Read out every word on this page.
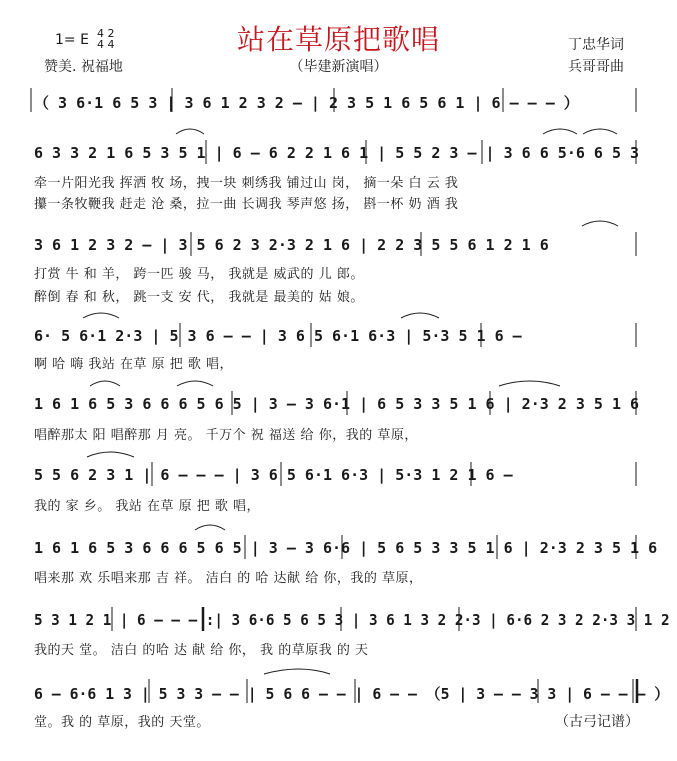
站在草原把歌唱
1= E 4 2
4 4
赞美. 祝福地	（毕建新演唱）
丁忠华词
兵哥哥曲
（ 3 6·1 6 5 3 | 3 6 1 2 3 2 – | 2 3 5 1 6 5 6 1 | 6 – – – ）
6 3 3 2 1 6 5 3 5 1 | 6 – 6 2 2 1 6 1 | 5 5 2 3 – | 3 6 6 5·6 6 5 3
牵一片阳光我 挥洒 牧 场，拽一块 刺绣我 铺过山 岗， 摘一朵 白 云 我
攥一条牧鞭我 赶走 沧 桑，拉一曲 长调我 琴声悠 扬， 斟一杯 奶 酒 我
3 6 1 2 3 2 – | 3 5 6 2 3 2·3 2 1 6 | 2 2 3 5 5 6 1 2 1 6
打赏 牛 和 羊， 跨一匹 骏 马， 我就是 威武的 儿 郎。
醉倒 春 和 秋， 跳一支 安 代， 我就是 最美的 姑 娘。
6· 5 6·1 2·3 | 5 3 6 – – | 3 6 5 6·1 6·3 | 5·3 5 1 6 –
啊 哈 嗨 我站 在草 原 把 歌 唱，
1 6 1 6 5 3 6 6 6 5 6 5 | 3 – 3 6·1 | 6 5 3 3 5 1 6 | 2·3 2 3 5 1 6
唱醉那太 阳 唱醉那 月 亮。 千万个 祝 福送 给 你，我的 草原，
5 5 6 2 3 1 | 6 – – – | 3 6 5 6·1 6·3 | 5·3 1 2 1 6 –
我的 家 乡。 我站 在草 原 把 歌 唱，
1 6 1 6 5 3 6 6 6 5 6 5 | 3 – 3 6·6 | 5 6 5 3 3 5 1 6 | 2·3 2 3 5 1 6
唱来那 欢 乐唱来那 吉 祥。 洁白 的 哈 达献 给 你，我的 草原，
5 3 1 2 1 | 6 – – – :| 3 6·6 5 6 5 3 | 3 6 1 3 2 2·3 | 6·6 2 3 2 2·3 3 1 2
我的天 堂。 洁白 的哈 达 献 给 你， 我 的草原我 的 天
6 – 6·6 1 3 | 5 3 3 – – | 5 6 6 – – | 6 – – （5 | 3 – – 3 3 | 6 – – – ）
堂。我 的 草原，我的 天堂。	（古弓记谱）
